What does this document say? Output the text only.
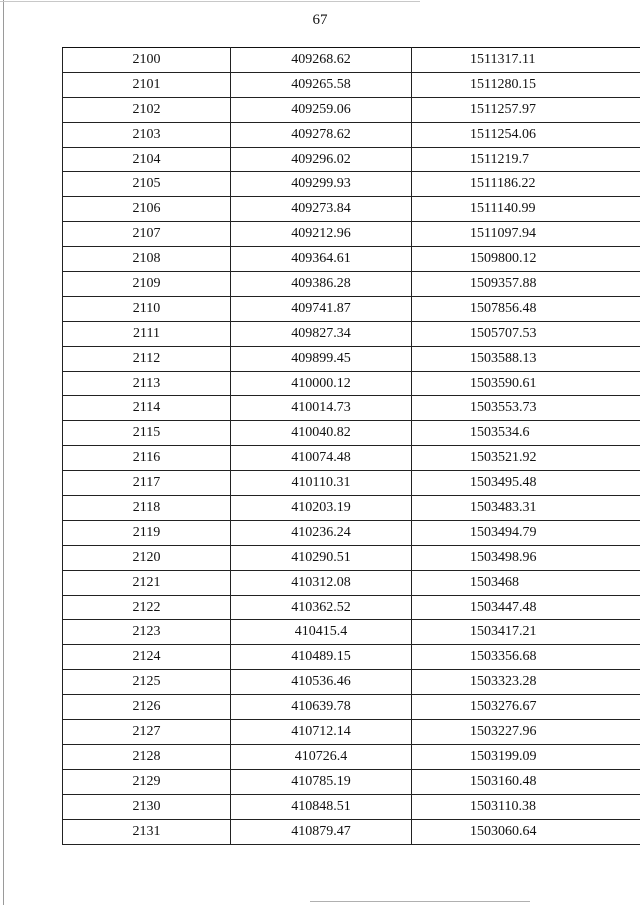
67
2100	409268.62	1511317.11
2101	409265.58	1511280.15
2102	409259.06	1511257.97
2103	409278.62	1511254.06
2104	409296.02	1511219.7
2105	409299.93	1511186.22
2106	409273.84	1511140.99
2107	409212.96	1511097.94
2108	409364.61	1509800.12
2109	409386.28	1509357.88
2110	409741.87	1507856.48
2111	409827.34	1505707.53
2112	409899.45	1503588.13
2113	410000.12	1503590.61
2114	410014.73	1503553.73
2115	410040.82	1503534.6
2116	410074.48	1503521.92
2117	410110.31	1503495.48
2118	410203.19	1503483.31
2119	410236.24	1503494.79
2120	410290.51	1503498.96
2121	410312.08	1503468
2122	410362.52	1503447.48
2123	410415.4	1503417.21
2124	410489.15	1503356.68
2125	410536.46	1503323.28
2126	410639.78	1503276.67
2127	410712.14	1503227.96
2128	410726.4	1503199.09
2129	410785.19	1503160.48
2130	410848.51	1503110.38
2131	410879.47	1503060.64
